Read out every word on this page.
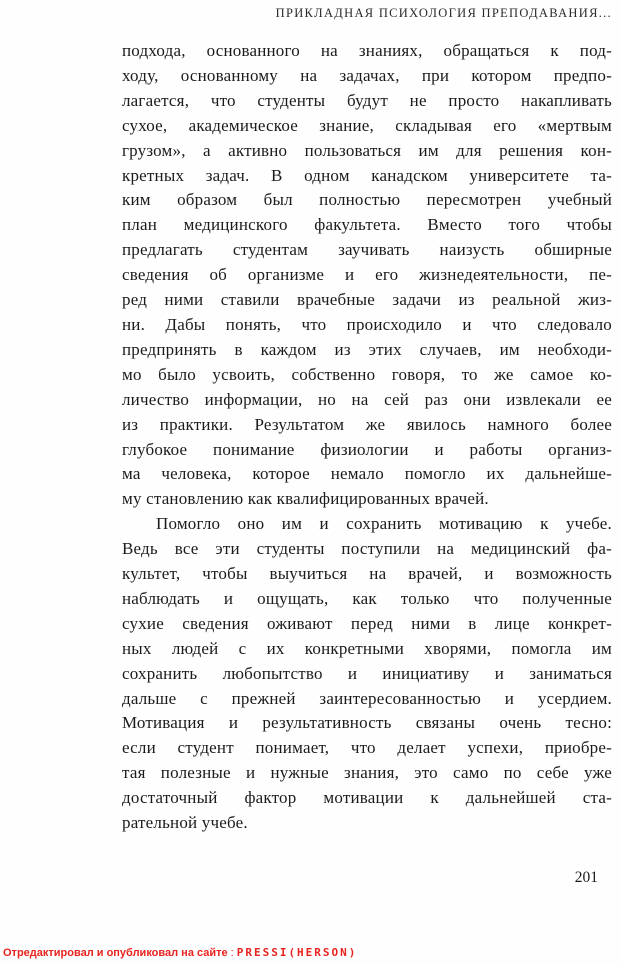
ПРИКЛАДНАЯ ПСИХОЛОГИЯ ПРЕПОДАВАНИЯ...
подхода, основанного на знаниях, обращаться к под-
ходу, основанному на задачах, при котором предпо-
лагается, что студенты будут не просто накапливать
сухое, академическое знание, складывая его «мертвым
грузом», а активно пользоваться им для решения кон-
кретных задач. В одном канадском университете та-
ким образом был полностью пересмотрен учебный
план медицинского факультета. Вместо того чтобы
предлагать студентам заучивать наизусть обширные
сведения об организме и его жизнедеятельности, пе-
ред ними ставили врачебные задачи из реальной жиз-
ни. Дабы понять, что происходило и что следовало
предпринять в каждом из этих случаев, им необходи-
мо было усвоить, собственно говоря, то же самое ко-
личество информации, но на сей раз они извлекали ее
из практики. Результатом же явилось намного более
глубокое понимание физиологии и работы организ-
ма человека, которое немало помогло их дальнейше-
му становлению как квалифицированных врачей.
Помогло оно им и сохранить мотивацию к учебе.
Ведь все эти студенты поступили на медицинский фа-
культет, чтобы выучиться на врачей, и возможность
наблюдать и ощущать, как только что полученные
сухие сведения оживают перед ними в лице конкрет-
ных людей с их конкретными хворями, помогла им
сохранить любопытство и инициативу и заниматься
дальше с прежней заинтересованностью и усердием.
Мотивация и результативность связаны очень тесно:
если студент понимает, что делает успехи, приобре-
тая полезные и нужные знания, это само по себе уже
достаточный фактор мотивации к дальнейшей ста-
рательной учебе.
201
Отредактировал и опубликовал на сайте : PRESSI(HERSON)
